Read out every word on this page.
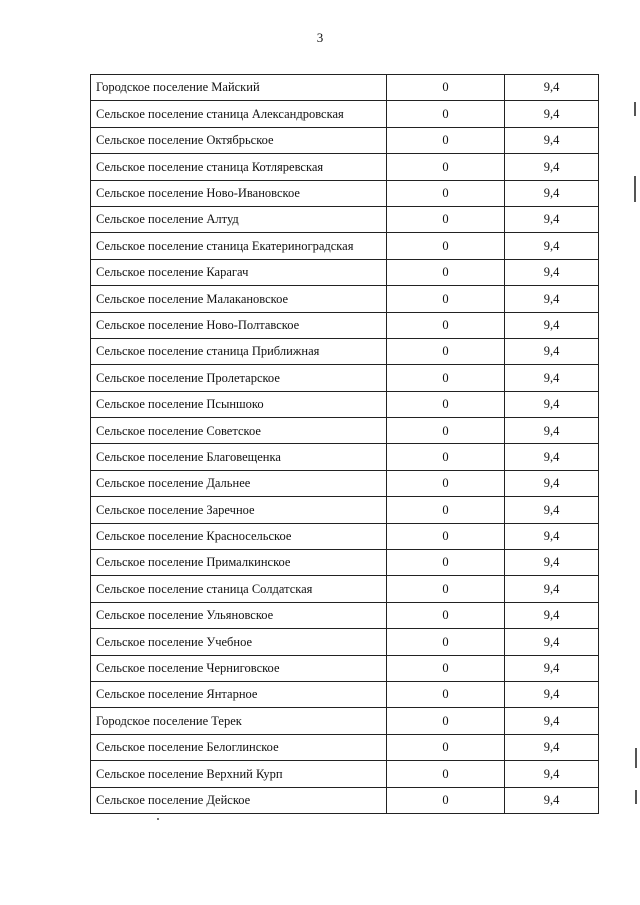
3
Городское поселение Майский	0	9,4
Сельское поселение станица Александровская	0	9,4
Сельское поселение Октябрьское	0	9,4
Сельское поселение станица Котляревская	0	9,4
Сельское поселение Ново-Ивановское	0	9,4
Сельское поселение Алтуд	0	9,4
Сельское поселение станица Екатериноградская	0	9,4
Сельское поселение Карагач	0	9,4
Сельское поселение Малакановское	0	9,4
Сельское поселение Ново-Полтавское	0	9,4
Сельское поселение станица Приближная	0	9,4
Сельское поселение Пролетарское	0	9,4
Сельское поселение Псыншоко	0	9,4
Сельское поселение Советское	0	9,4
Сельское поселение Благовещенка	0	9,4
Сельское поселение Дальнее	0	9,4
Сельское поселение Заречное	0	9,4
Сельское поселение Красносельское	0	9,4
Сельское поселение Прималкинское	0	9,4
Сельское поселение станица Солдатская	0	9,4
Сельское поселение Ульяновское	0	9,4
Сельское поселение Учебное	0	9,4
Сельское поселение Черниговское	0	9,4
Сельское поселение Янтарное	0	9,4
Городское поселение Терек	0	9,4
Сельское поселение Белоглинское	0	9,4
Сельское поселение Верхний Курп	0	9,4
Сельское поселение Дейское	0	9,4
